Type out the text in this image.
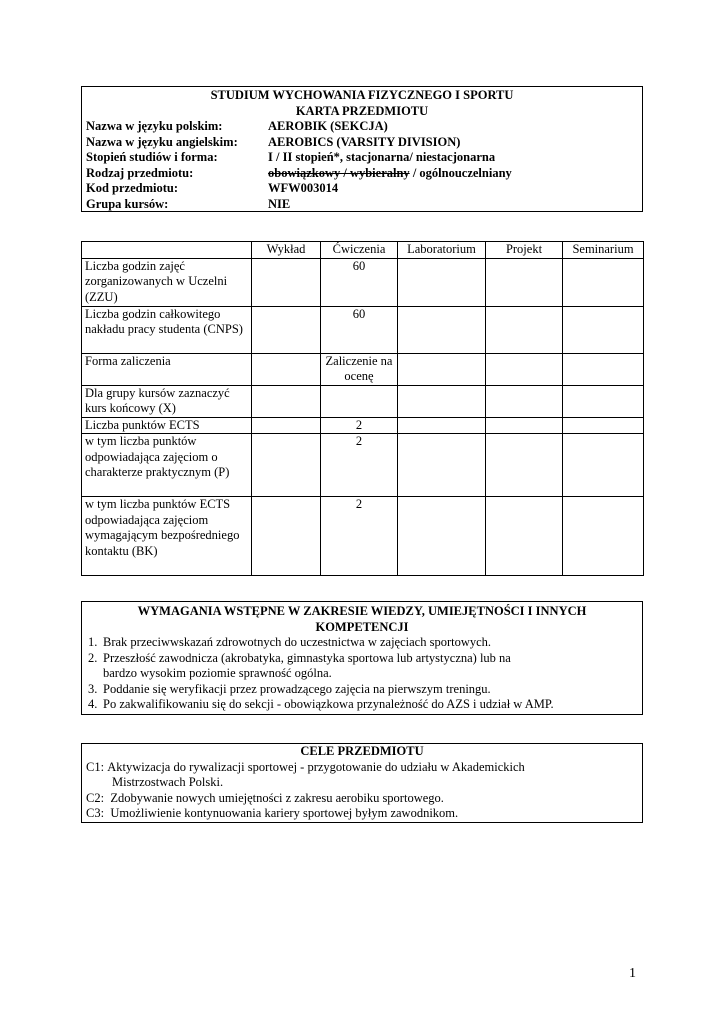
STUDIUM WYCHOWANIA FIZYCZNEGO I SPORTU
KARTA PRZEDMIOTU
Nazwa w języku polskim:	AEROBIK (SEKCJA)
Nazwa w języku angielskim:	AEROBICS (VARSITY DIVISION)
Stopień studiów i forma:	I / II stopień*, stacjonarna/ niestacjonarna
Rodzaj przedmiotu:	obowiązkowy / wybieralny / ogólnouczelniany
Kod przedmiotu:	WFW003014
Grupa kursów:	NIE
	Wykład	Ćwiczenia	Laboratorium	Projekt	Seminarium
Liczba godzin zajęć zorganizowanych w Uczelni (ZZU)		60			
Liczba godzin całkowitego nakładu pracy studenta (CNPS)		60			
Forma zaliczenia		Zaliczenie na ocenę			
Dla grupy kursów zaznaczyć kurs końcowy (X)					
Liczba punktów ECTS		2			
w tym liczba punktów odpowiadająca zajęciom o charakterze praktycznym (P)		2			
w tym liczba punktów ECTS odpowiadająca zajęciom wymagającym bezpośredniego kontaktu (BK)		2			
WYMAGANIA WSTĘPNE W ZAKRESIE WIEDZY, UMIEJĘTNOŚCI I INNYCH
KOMPETENCJI
1. Brak przeciwwskazań zdrowotnych do uczestnictwa w zajęciach sportowych.
2. Przeszłość zawodnicza (akrobatyka, gimnastyka sportowa lub artystyczna) lub na
bardzo wysokim poziomie sprawność ogólna.
3. Poddanie się weryfikacji przez prowadzącego zajęcia na pierwszym treningu.
4. Po zakwalifikowaniu się do sekcji - obowiązkowa przynależność do AZS i udział w AMP.
CELE PRZEDMIOTU
C1:
Aktywizacja do rywalizacji sportowej - przygotowanie do udziału w Akademickich
Mistrzostwach Polski.
C2:
Zdobywanie nowych umiejętności z zakresu aerobiku sportowego.
C3:
Umożliwienie kontynuowania kariery sportowej byłym zawodnikom.
1
